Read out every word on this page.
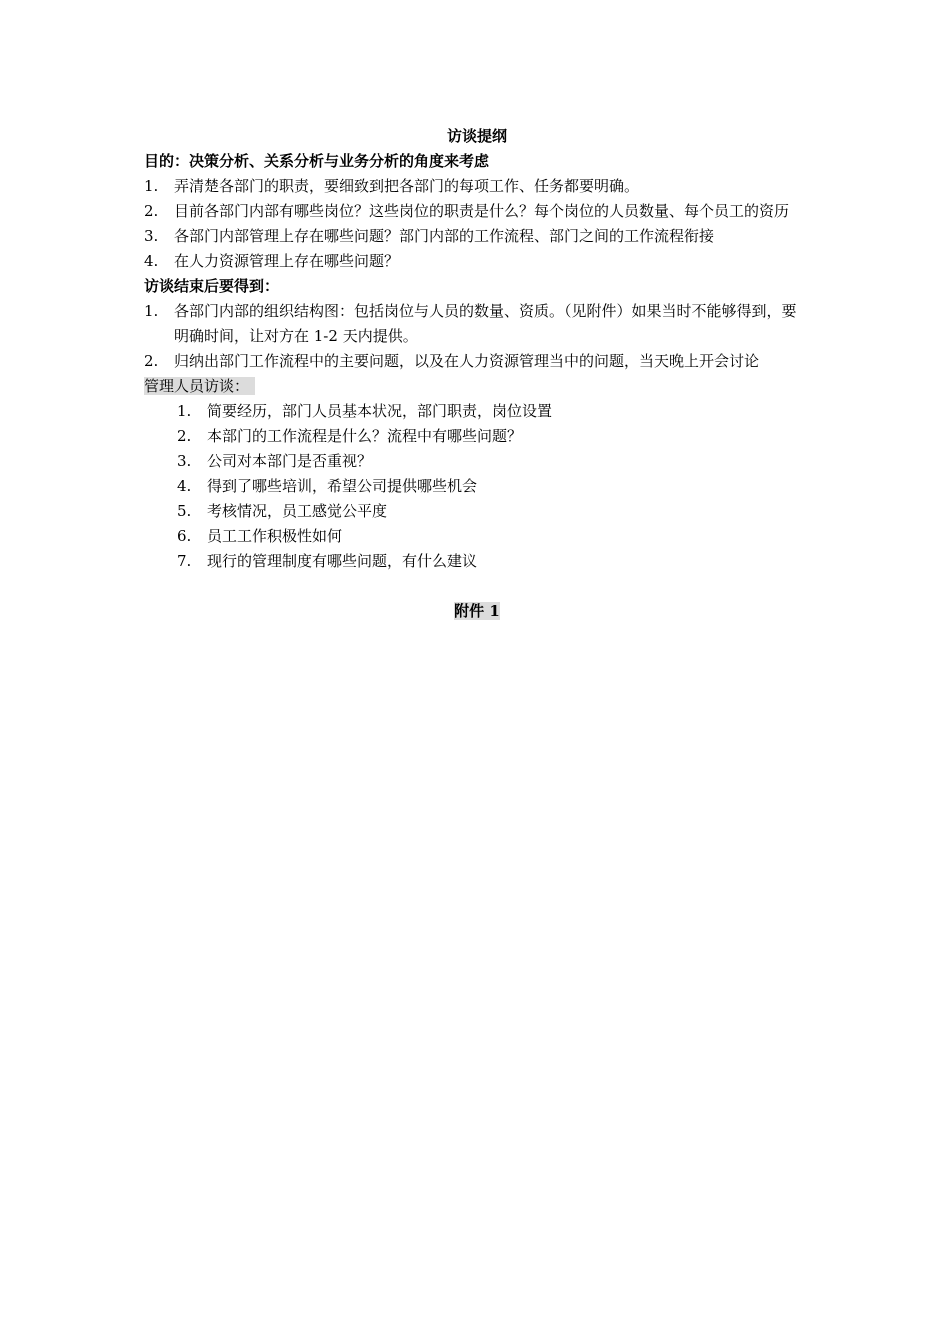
访谈提纲

目的：决策分析、关系分析与业务分析的角度来考虑

1. 弄清楚各部门的职责，要细致到把各部门的每项工作、任务都要明确。
2. 目前各部门内部有哪些岗位？这些岗位的职责是什么？每个岗位的人员数量、每个员工的资历
3. 各部门内部管理上存在哪些问题？部门内部的工作流程、部门之间的工作流程衔接
4. 在人力资源管理上存在哪些问题？

访谈结束后要得到：

1. 各部门内部的组织结构图：包括岗位与人员的数量、资质。（见附件）如果当时不能够得到，要明确时间，让对方在 1-2 天内提供。
2. 归纳出部门工作流程中的主要问题，以及在人力资源管理当中的问题，当天晚上开会讨论

管理人员访谈：

1. 简要经历，部门人员基本状况，部门职责，岗位设置
2. 本部门的工作流程是什么？流程中有哪些问题？
3. 公司对本部门是否重视？
4. 得到了哪些培训，希望公司提供哪些机会
5. 考核情况，员工感觉公平度
6. 员工工作积极性如何
7. 现行的管理制度有哪些问题，有什么建议

附件 1
